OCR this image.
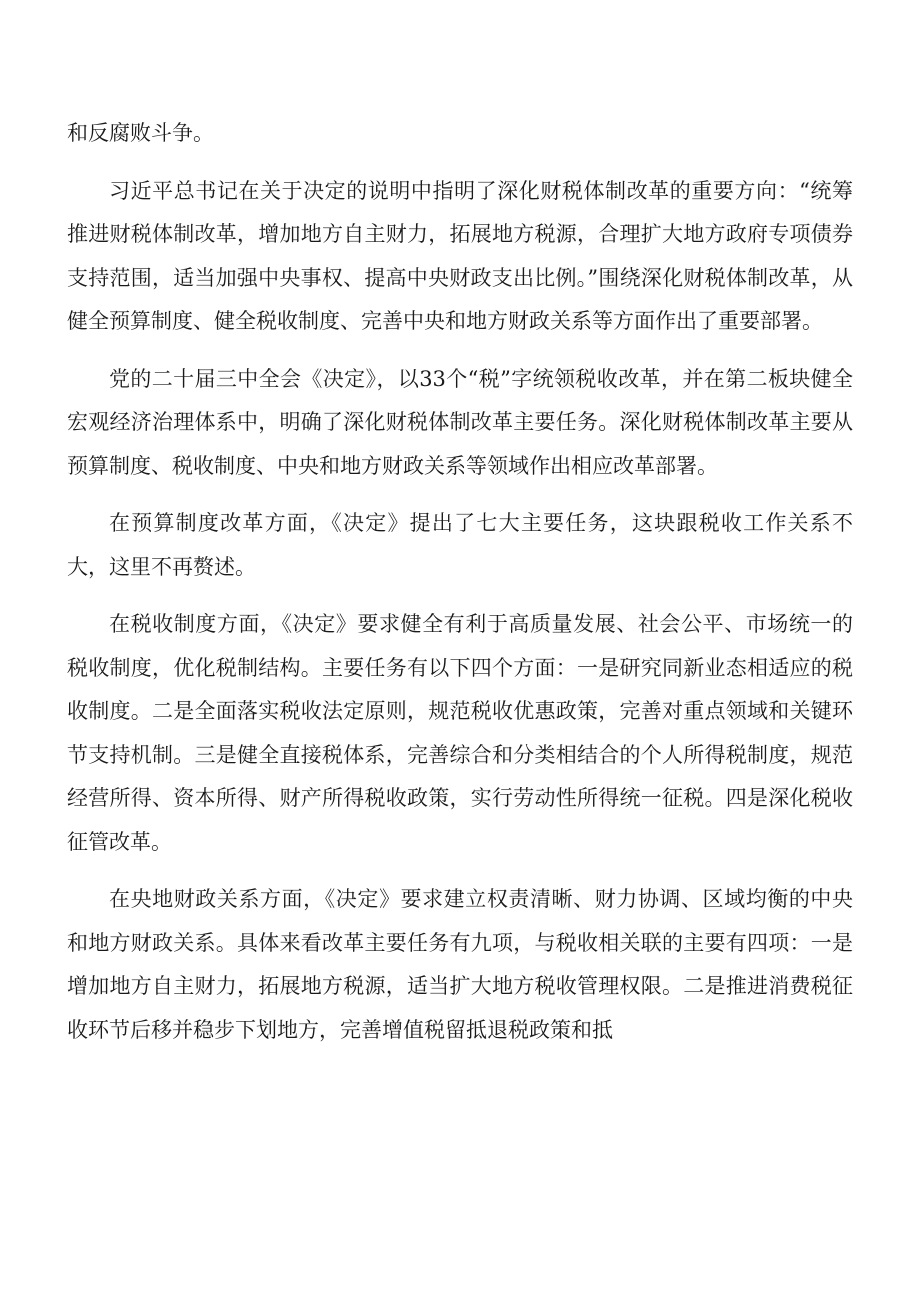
和反腐败斗争。

习近平总书记在关于决定的说明中指明了深化财税体制改革的重要方向：“统筹推进财税体制改革，增加地方自主财力，拓展地方税源，合理扩大地方政府专项债券支持范围，适当加强中央事权、提高中央财政支出比例。”围绕深化财税体制改革，从健全预算制度、健全税收制度、完善中央和地方财政关系等方面作出了重要部署。

党的二十届三中全会《决定》，以33个“税”字统领税收改革，并在第二板块健全宏观经济治理体系中，明确了深化财税体制改革主要任务。深化财税体制改革主要从预算制度、税收制度、中央和地方财政关系等领域作出相应改革部署。

在预算制度改革方面，《决定》提出了七大主要任务，这块跟税收工作关系不大，这里不再赘述。

在税收制度方面，《决定》要求健全有利于高质量发展、社会公平、市场统一的税收制度，优化税制结构。主要任务有以下四个方面：一是研究同新业态相适应的税收制度。二是全面落实税收法定原则，规范税收优惠政策，完善对重点领域和关键环节支持机制。三是健全直接税体系，完善综合和分类相结合的个人所得税制度，规范经营所得、资本所得、财产所得税收政策，实行劳动性所得统一征税。四是深化税收征管改革。

在央地财政关系方面，《决定》要求建立权责清晰、财力协调、区域均衡的中央和地方财政关系。具体来看改革主要任务有九项，与税收相关联的主要有四项：一是增加地方自主财力，拓展地方税源，适当扩大地方税收管理权限。二是推进消费税征收环节后移并稳步下划地方，完善增值税留抵退税政策和抵
